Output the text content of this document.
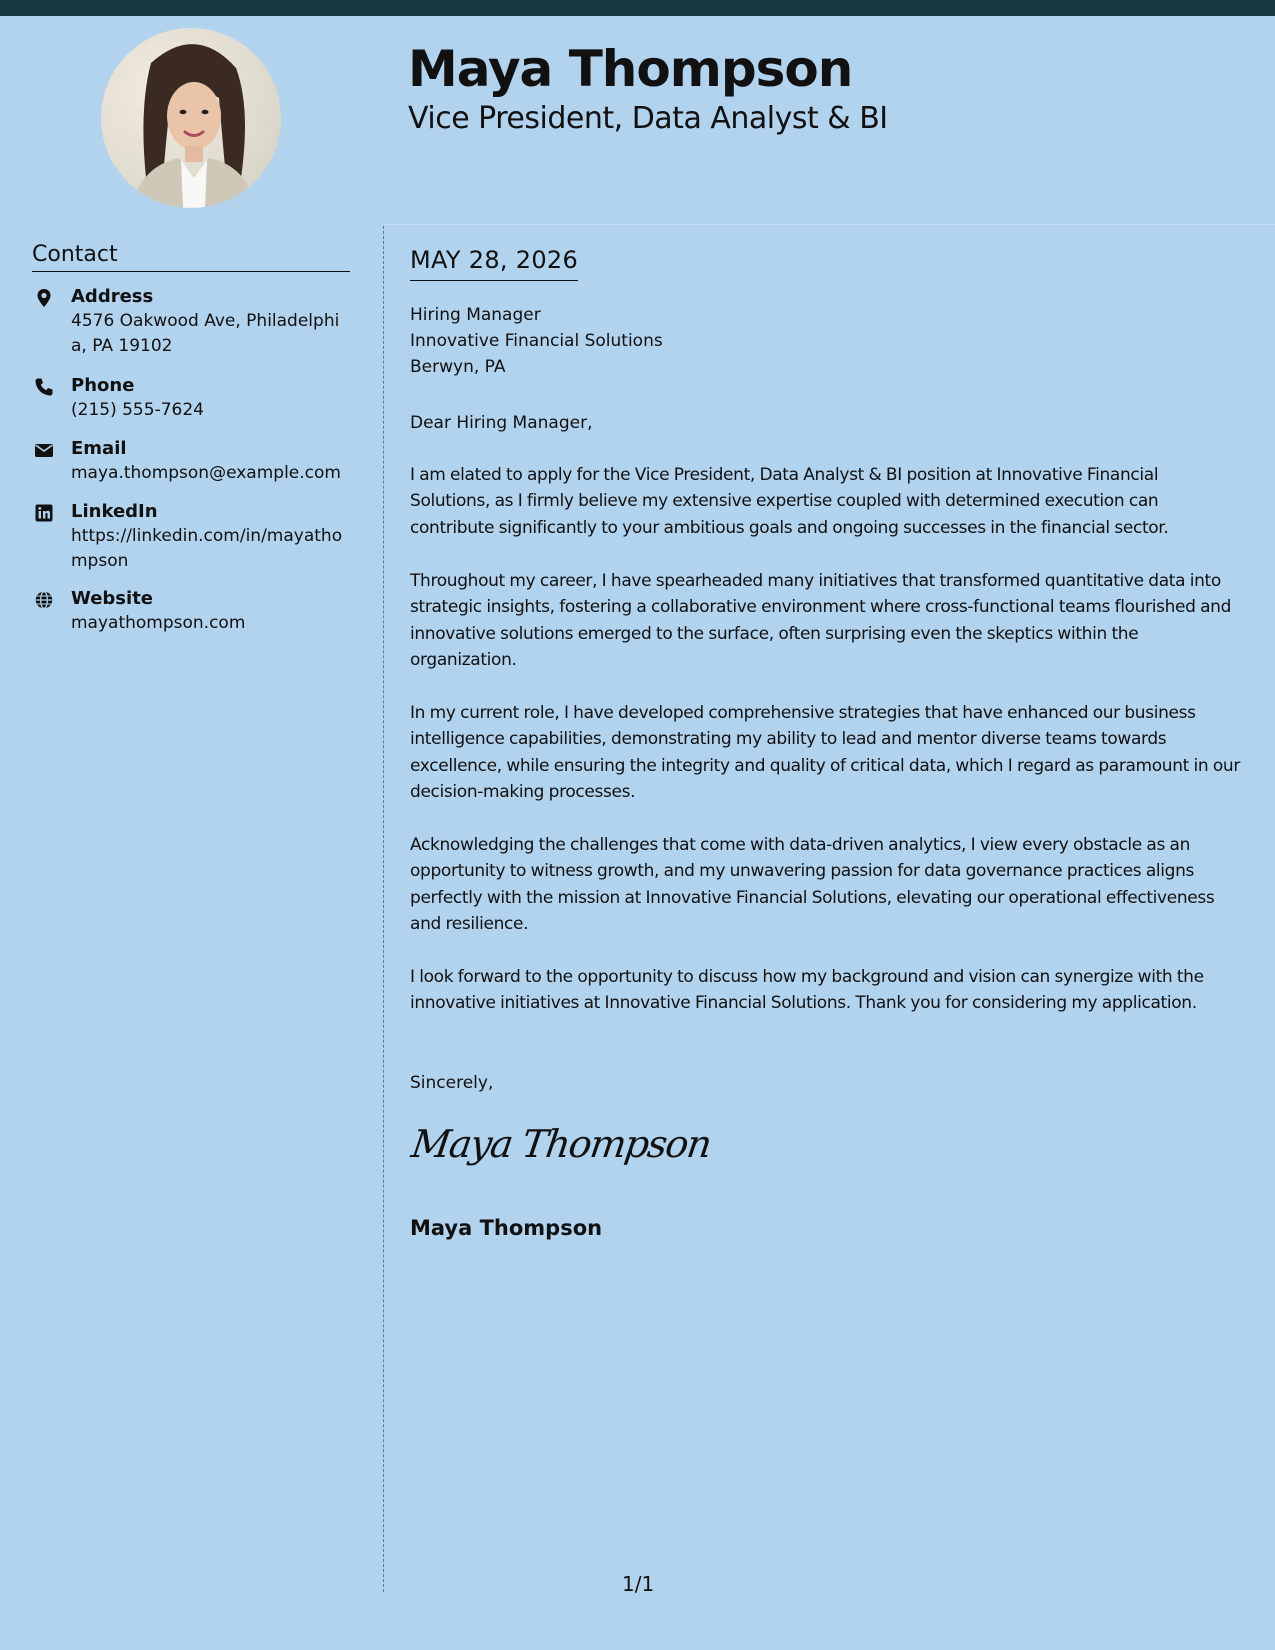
Maya Thompson
Vice President, Data Analyst & BI
Contact
Address
4576 Oakwood Ave, Philadelphia, PA 19102
Phone
(215) 555-7624
Email
maya.thompson@example.com
LinkedIn
https://linkedin.com/in/mayathompson
Website
mayathompson.com
MAY 28, 2026
Hiring Manager
Innovative Financial Solutions
Berwyn, PA
Dear Hiring Manager,
I am elated to apply for the Vice President, Data Analyst & BI position at Innovative Financial Solutions, as I firmly believe my extensive expertise coupled with determined execution can contribute significantly to your ambitious goals and ongoing successes in the financial sector.
Throughout my career, I have spearheaded many initiatives that transformed quantitative data into strategic insights, fostering a collaborative environment where cross-functional teams flourished and innovative solutions emerged to the surface, often surprising even the skeptics within the organization.
In my current role, I have developed comprehensive strategies that have enhanced our business intelligence capabilities, demonstrating my ability to lead and mentor diverse teams towards excellence, while ensuring the integrity and quality of critical data, which I regard as paramount in our decision-making processes.
Acknowledging the challenges that come with data-driven analytics, I view every obstacle as an opportunity to witness growth, and my unwavering passion for data governance practices aligns perfectly with the mission at Innovative Financial Solutions, elevating our operational effectiveness and resilience.
I look forward to the opportunity to discuss how my background and vision can synergize with the innovative initiatives at Innovative Financial Solutions. Thank you for considering my application.
Sincerely,
Maya Thompson
Maya Thompson
1/1
